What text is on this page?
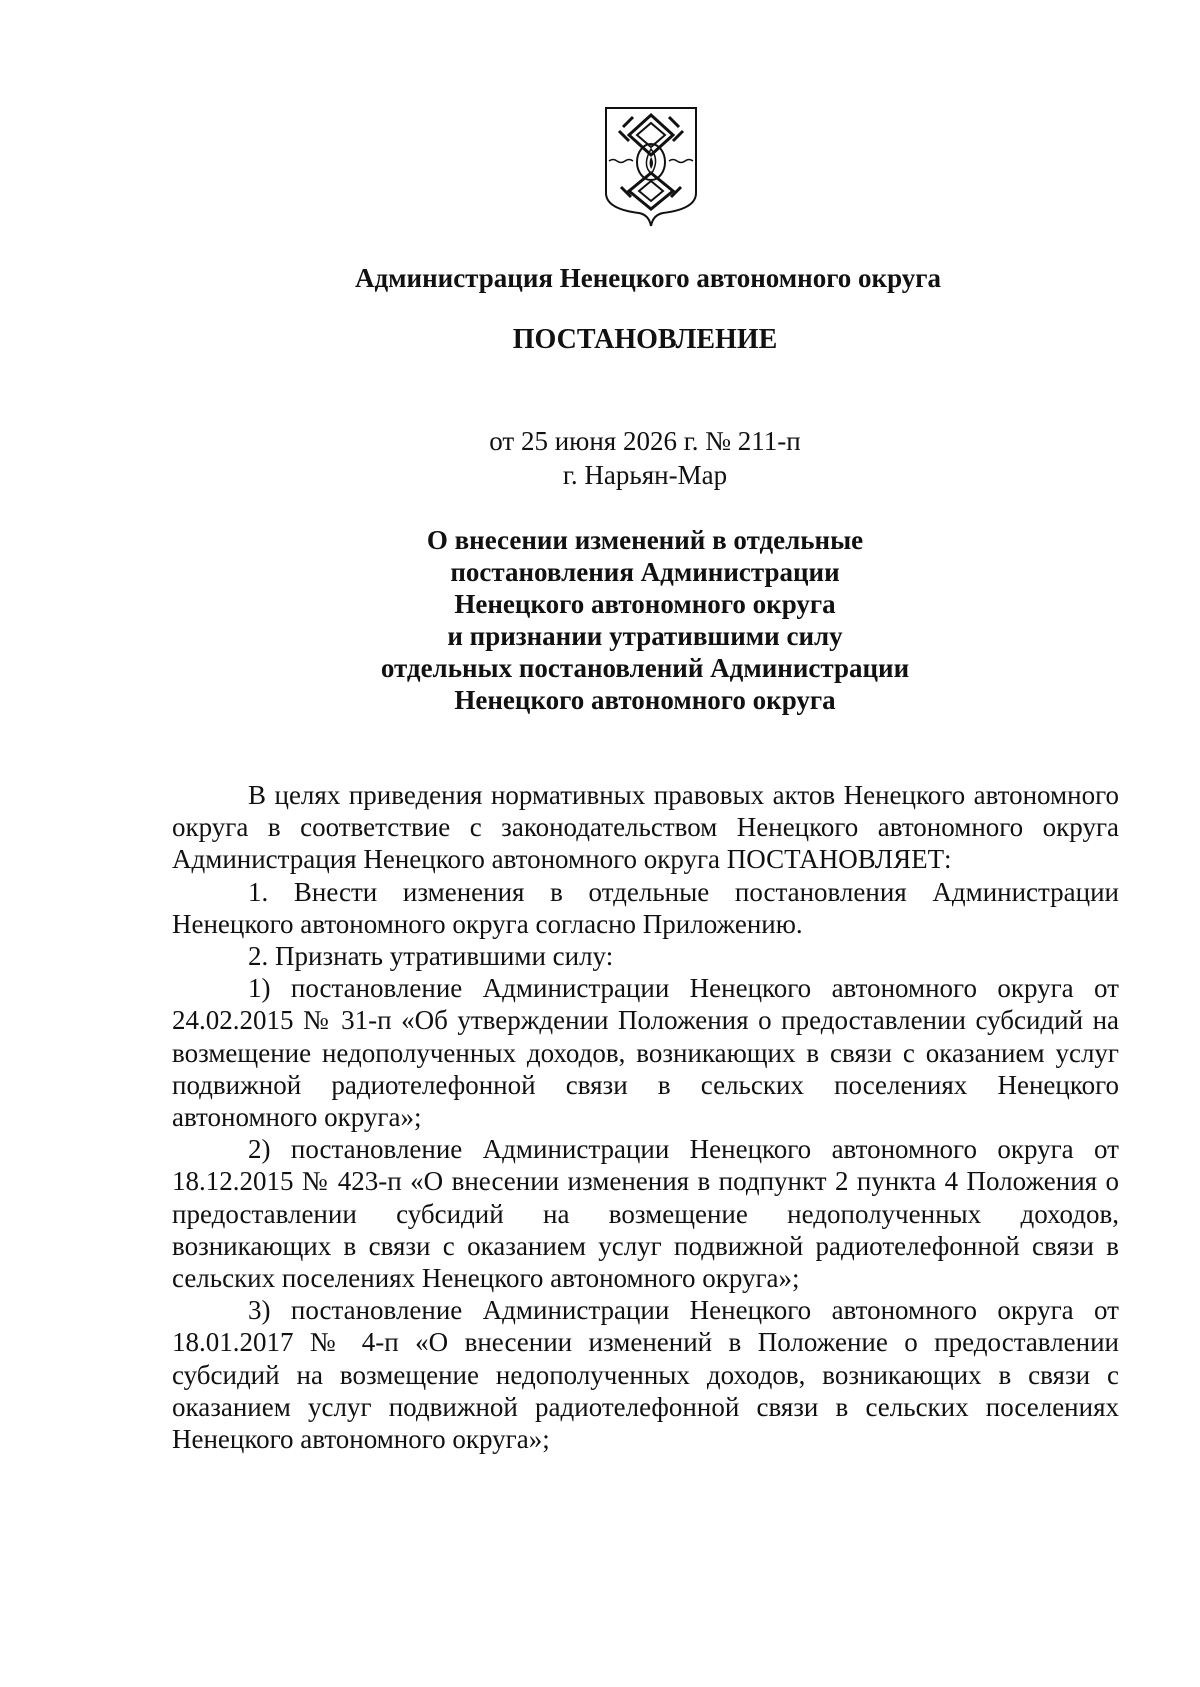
Администрация Ненецкого автономного округа
ПОСТАНОВЛЕНИЕ
от 25 июня 2026 г. № 211-п
г. Нарьян-Мар
О внесении изменений в отдельные
постановления Администрации
Ненецкого автономного округа
и признании утратившими силу
отдельных постановлений Администрации
Ненецкого автономного округа

В целях приведения нормативных правовых актов Ненецкого автономного округа в соответствие с законодательством Ненецкого автономного округа Администрация Ненецкого автономного округа ПОСТАНОВЛЯЕТ:

1. Внести изменения в отдельные постановления Администрации Ненецкого автономного округа согласно Приложению.

2. Признать утратившими силу:

1) постановление Администрации Ненецкого автономного округа от 24.02.2015 № 31-п «Об утверждении Положения о предоставлении субсидий на возмещение недополученных доходов, возникающих в связи с оказанием услуг подвижной радиотелефонной связи в сельских поселениях Ненецкого автономного округа»;

2) постановление Администрации Ненецкого автономного округа от 18.12.2015 № 423-п «О внесении изменения в подпункт 2 пункта 4 Положения о предоставлении субсидий на возмещение недополученных доходов, возникающих в связи с оказанием услуг подвижной радиотелефонной связи в сельских поселениях Ненецкого автономного округа»;

3) постановление Администрации Ненецкого автономного округа от 18.01.2017 № 4-п «О внесении изменений в Положение о предоставлении субсидий на возмещение недополученных доходов, возникающих в связи с оказанием услуг подвижной радиотелефонной связи в сельских поселениях Ненецкого автономного округа»;
